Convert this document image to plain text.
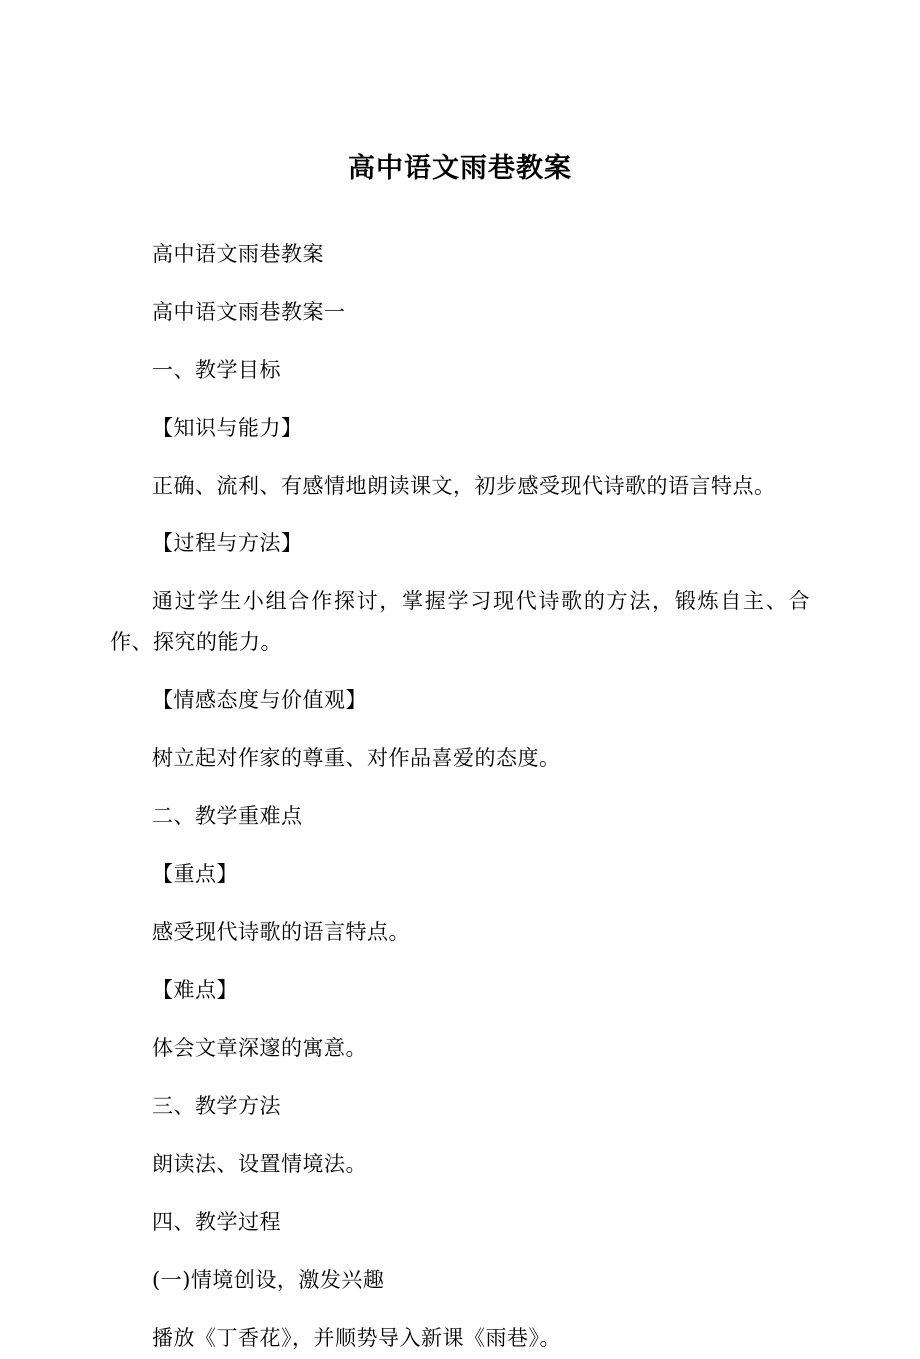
高中语文雨巷教案

高中语文雨巷教案

高中语文雨巷教案一

一、教学目标

【知识与能力】

正确、流利、有感情地朗读课文，初步感受现代诗歌的语言特点。

【过程与方法】

通过学生小组合作探讨，掌握学习现代诗歌的方法，锻炼自主、合作、探究的能力。

【情感态度与价值观】

树立起对作家的尊重、对作品喜爱的态度。

二、教学重难点

【重点】

感受现代诗歌的语言特点。

【难点】

体会文章深邃的寓意。

三、教学方法

朗读法、设置情境法。

四、教学过程

(一)情境创设，激发兴趣

播放《丁香花》，并顺势导入新课《雨巷》。
